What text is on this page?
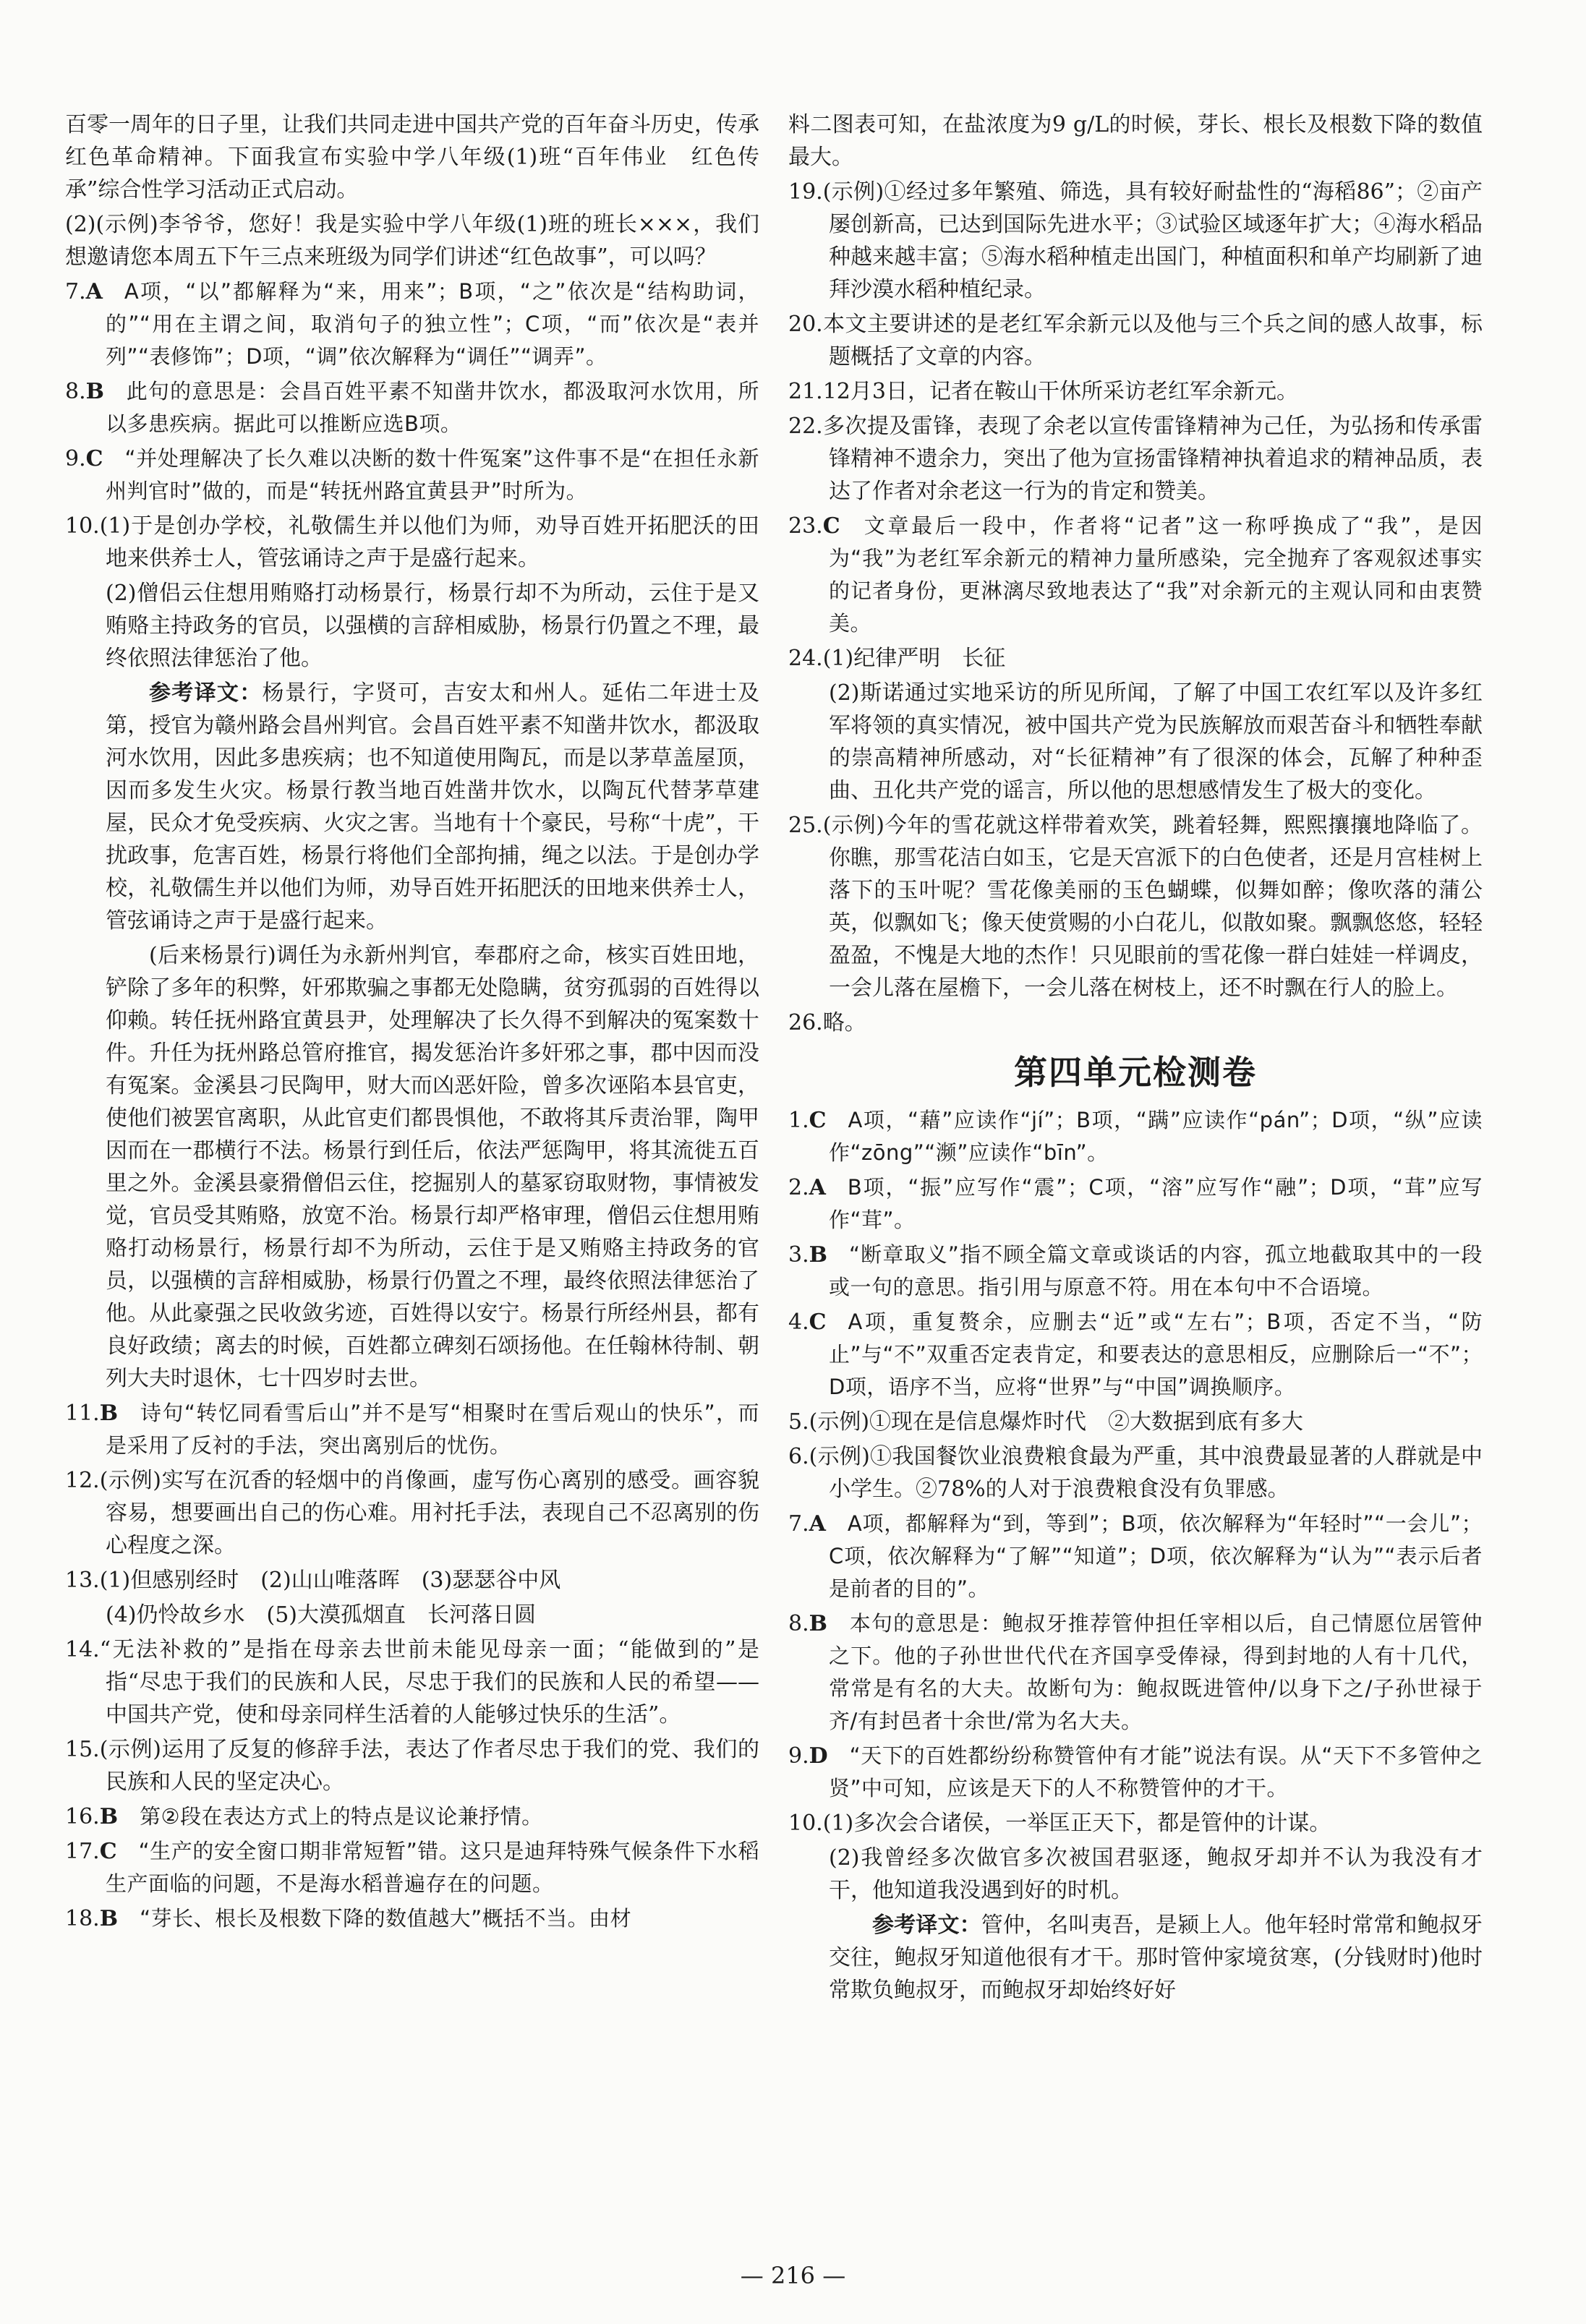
百零一周年的日子里，让我们共同走进中国共产党的百年奋斗历史，传承红色革命精神。下面我宣布实验中学八年级(1)班“百年伟业　红色传承”综合性学习活动正式启动。
(2)(示例)李爷爷，您好！我是实验中学八年级(1)班的班长×××，我们想邀请您本周五下午三点来班级为同学们讲述“红色故事”，可以吗？
7.A  A项，“以”都解释为“来，用来”；B项，“之”依次是“结构助词，的”“用在主谓之间，取消句子的独立性”；C项，“而”依次是“表并列”“表修饰”；D项，“调”依次解释为“调任”“调弄”。
8.B  此句的意思是：会昌百姓平素不知凿井饮水，都汲取河水饮用，所以多患疾病。据此可以推断应选B项。
9.C  “并处理解决了长久难以决断的数十件冤案”这件事不是“在担任永新州判官时”做的，而是“转抚州路宜黄县尹”时所为。
10.(1)于是创办学校，礼敬儒生并以他们为师，劝导百姓开拓肥沃的田地来供养士人，管弦诵诗之声于是盛行起来。
(2)僧侣云住想用贿赂打动杨景行，杨景行却不为所动，云住于是又贿赂主持政务的官员，以强横的言辞相威胁，杨景行仍置之不理，最终依照法律惩治了他。
参考译文：杨景行，字贤可，吉安太和州人。延佑二年进士及第，授官为赣州路会昌州判官。会昌百姓平素不知凿井饮水，都汲取河水饮用，因此多患疾病；也不知道使用陶瓦，而是以茅草盖屋顶，因而多发生火灾。杨景行教当地百姓凿井饮水，以陶瓦代替茅草建屋，民众才免受疾病、火灾之害。当地有十个豪民，号称“十虎”，干扰政事，危害百姓，杨景行将他们全部拘捕，绳之以法。于是创办学校，礼敬儒生并以他们为师，劝导百姓开拓肥沃的田地来供养士人，管弦诵诗之声于是盛行起来。
(后来杨景行)调任为永新州判官，奉郡府之命，核实百姓田地，铲除了多年的积弊，奸邪欺骗之事都无处隐瞒，贫穷孤弱的百姓得以仰赖。转任抚州路宜黄县尹，处理解决了长久得不到解决的冤案数十件。升任为抚州路总管府推官，揭发惩治许多奸邪之事，郡中因而没有冤案。金溪县刁民陶甲，财大而凶恶奸险，曾多次诬陷本县官吏，使他们被罢官离职，从此官吏们都畏惧他，不敢将其斥责治罪，陶甲因而在一郡横行不法。杨景行到任后，依法严惩陶甲，将其流徙五百里之外。金溪县豪猾僧侣云住，挖掘别人的墓冢窃取财物，事情被发觉，官员受其贿赂，放宽不治。杨景行却严格审理，僧侣云住想用贿赂打动杨景行，杨景行却不为所动，云住于是又贿赂主持政务的官员，以强横的言辞相威胁，杨景行仍置之不理，最终依照法律惩治了他。从此豪强之民收敛劣迹，百姓得以安宁。杨景行所经州县，都有良好政绩；离去的时候，百姓都立碑刻石颂扬他。在任翰林待制、朝列大夫时退休，七十四岁时去世。
11.B  诗句“转忆同看雪后山”并不是写“相聚时在雪后观山的快乐”，而是采用了反衬的手法，突出离别后的忧伤。
12.(示例)实写在沉香的轻烟中的肖像画，虚写伤心离别的感受。画容貌容易，想要画出自己的伤心难。用衬托手法，表现自己不忍离别的伤心程度之深。
13.(1)但感别经时　(2)山山唯落晖　(3)瑟瑟谷中风
(4)仍怜故乡水　(5)大漠孤烟直　长河落日圆
14.“无法补救的”是指在母亲去世前未能见母亲一面；“能做到的”是指“尽忠于我们的民族和人民，尽忠于我们的民族和人民的希望——中国共产党，使和母亲同样生活着的人能够过快乐的生活”。
15.(示例)运用了反复的修辞手法，表达了作者尽忠于我们的党、我们的民族和人民的坚定决心。
16.B  第②段在表达方式上的特点是议论兼抒情。
17.C  “生产的安全窗口期非常短暂”错。这只是迪拜特殊气候条件下水稻生产面临的问题，不是海水稻普遍存在的问题。
18.B  “芽长、根长及根数下降的数值越大”概括不当。由材
料二图表可知，在盐浓度为9 g/L的时候，芽长、根长及根数下降的数值最大。
19.(示例)①经过多年繁殖、筛选，具有较好耐盐性的“海稻86”；②亩产屡创新高，已达到国际先进水平；③试验区域逐年扩大；④海水稻品种越来越丰富；⑤海水稻种植走出国门，种植面积和单产均刷新了迪拜沙漠水稻种植纪录。
20.本文主要讲述的是老红军余新元以及他与三个兵之间的感人故事，标题概括了文章的内容。
21.12月3日，记者在鞍山干休所采访老红军余新元。
22.多次提及雷锋，表现了余老以宣传雷锋精神为己任，为弘扬和传承雷锋精神不遗余力，突出了他为宣扬雷锋精神执着追求的精神品质，表达了作者对余老这一行为的肯定和赞美。
23.C  文章最后一段中，作者将“记者”这一称呼换成了“我”，是因为“我”为老红军余新元的精神力量所感染，完全抛弃了客观叙述事实的记者身份，更淋漓尽致地表达了“我”对余新元的主观认同和由衷赞美。
24.(1)纪律严明　长征
(2)斯诺通过实地采访的所见所闻，了解了中国工农红军以及许多红军将领的真实情况，被中国共产党为民族解放而艰苦奋斗和牺牲奉献的崇高精神所感动，对“长征精神”有了很深的体会，瓦解了种种歪曲、丑化共产党的谣言，所以他的思想感情发生了极大的变化。
25.(示例)今年的雪花就这样带着欢笑，跳着轻舞，熙熙攘攘地降临了。你瞧，那雪花洁白如玉，它是天宫派下的白色使者，还是月宫桂树上落下的玉叶呢？雪花像美丽的玉色蝴蝶，似舞如醉；像吹落的蒲公英，似飘如飞；像天使赏赐的小白花儿，似散如聚。飘飘悠悠，轻轻盈盈，不愧是大地的杰作！只见眼前的雪花像一群白娃娃一样调皮，一会儿落在屋檐下，一会儿落在树枝上，还不时飘在行人的脸上。
26.略。
第四单元检测卷
1.C  A项，“藉”应读作“jí”；B项，“蹒”应读作“pán”；D项，“纵”应读作“zōng”“濒”应读作“bīn”。
2.A  B项，“振”应写作“震”；C项，“溶”应写作“融”；D项，“茸”应写作“茸”。
3.B  “断章取义”指不顾全篇文章或谈话的内容，孤立地截取其中的一段或一句的意思。指引用与原意不符。用在本句中不合语境。
4.C  A项，重复赘余，应删去“近”或“左右”；B项，否定不当，“防止”与“不”双重否定表肯定，和要表达的意思相反，应删除后一“不”；D项，语序不当，应将“世界”与“中国”调换顺序。
5.(示例)①现在是信息爆炸时代　②大数据到底有多大
6.(示例)①我国餐饮业浪费粮食最为严重，其中浪费最显著的人群就是中小学生。②78%的人对于浪费粮食没有负罪感。
7.A  A项，都解释为“到，等到”；B项，依次解释为“年轻时”“一会儿”；C项，依次解释为“了解”“知道”；D项，依次解释为“认为”“表示后者是前者的目的”。
8.B  本句的意思是：鲍叔牙推荐管仲担任宰相以后，自己情愿位居管仲之下。他的子孙世世代代在齐国享受俸禄，得到封地的人有十几代，常常是有名的大夫。故断句为：鲍叔既进管仲/以身下之/子孙世禄于齐/有封邑者十余世/常为名大夫。
9.D  “天下的百姓都纷纷称赞管仲有才能”说法有误。从“天下不多管仲之贤”中可知，应该是天下的人不称赞管仲的才干。
10.(1)多次会合诸侯，一举匡正天下，都是管仲的计谋。
(2)我曾经多次做官多次被国君驱逐，鲍叔牙却并不认为我没有才干，他知道我没遇到好的时机。
参考译文：管仲，名叫夷吾，是颍上人。他年轻时常常和鲍叔牙交往，鲍叔牙知道他很有才干。那时管仲家境贫寒，(分钱财时)他时常欺负鲍叔牙，而鲍叔牙却始终好好
— 216 —
